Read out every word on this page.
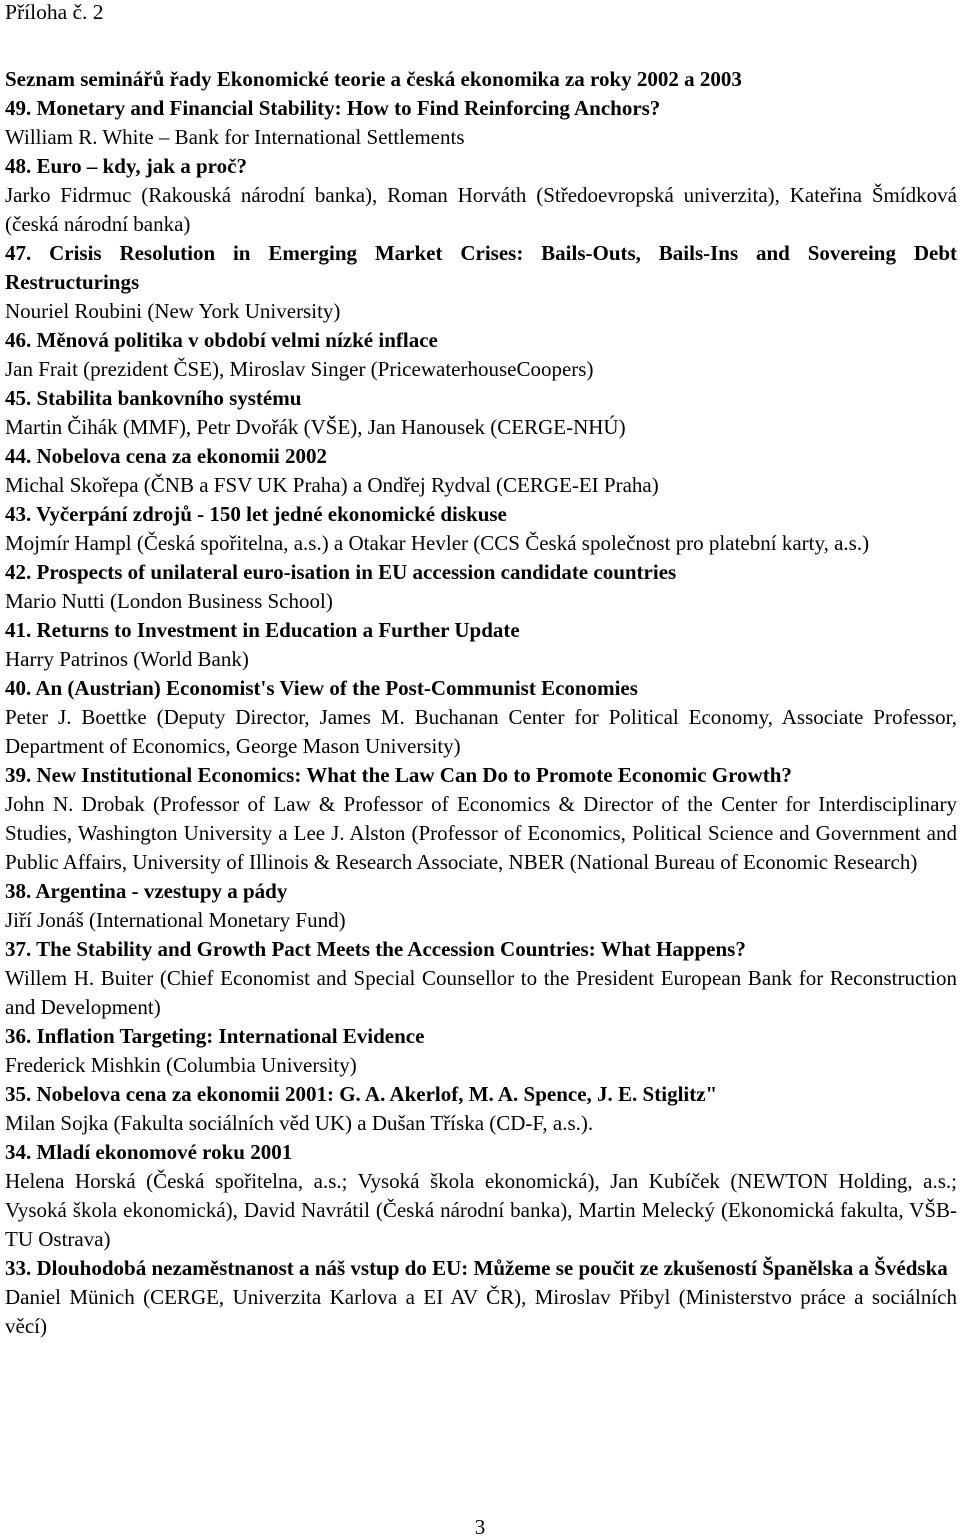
Příloha č. 2
Seznam seminářů řady Ekonomické teorie a česká ekonomika za roky 2002 a 2003
49. Monetary and Financial Stability: How to Find Reinforcing Anchors?
William R. White – Bank for International Settlements
48. Euro – kdy, jak a proč?
Jarko Fidrmuc (Rakouská národní banka), Roman Horváth (Středoevropská univerzita), Kateřina Šmídková (česká národní banka)
47. Crisis Resolution in Emerging Market Crises: Bails-Outs, Bails-Ins and Sovereing Debt Restructurings
Nouriel Roubini (New York University)
46. Měnová politika v období velmi nízké inflace
Jan Frait (prezident ČSE), Miroslav Singer (PricewaterhouseCoopers)
45. Stabilita bankovního systému
Martin Čihák (MMF), Petr Dvořák (VŠE), Jan Hanousek (CERGE-NHÚ)
44. Nobelova cena za ekonomii 2002
Michal Skořepa (ČNB a FSV UK Praha) a Ondřej Rydval (CERGE-EI Praha)
43. Vyčerpání zdrojů - 150 let jedné ekonomické diskuse
Mojmír Hampl (Česká spořitelna, a.s.) a Otakar Hevler (CCS Česká společnost pro platební karty, a.s.)
42. Prospects of unilateral euro-isation in EU accession candidate countries
Mario Nutti (London Business School)
41. Returns to Investment in Education a Further Update
Harry Patrinos (World Bank)
40. An (Austrian) Economist's View of the Post-Communist Economies
Peter J. Boettke (Deputy Director, James M. Buchanan Center for Political Economy, Associate Professor, Department of Economics, George Mason University)
39. New Institutional Economics: What the Law Can Do to Promote Economic Growth?
John N. Drobak (Professor of Law & Professor of Economics & Director of the Center for Interdisciplinary Studies, Washington University a Lee J. Alston (Professor of Economics, Political Science and Government and Public Affairs, University of Illinois & Research Associate, NBER (National Bureau of Economic Research)
38. Argentina - vzestupy a pády
Jiří Jonáš (International Monetary Fund)
37. The Stability and Growth Pact Meets the Accession Countries: What Happens?
Willem H. Buiter (Chief Economist and Special Counsellor to the President European Bank for Reconstruction and Development)
36. Inflation Targeting: International Evidence
Frederick Mishkin (Columbia University)
35. Nobelova cena za ekonomii 2001: G. A. Akerlof, M. A. Spence, J. E. Stiglitz"
Milan Sojka (Fakulta sociálních věd UK) a Dušan Tříska (CD-F, a.s.).
34. Mladí ekonomové roku 2001
Helena Horská (Česká spořitelna, a.s.; Vysoká škola ekonomická), Jan Kubíček (NEWTON Holding, a.s.; Vysoká škola ekonomická), David Navrátil (Česká národní banka), Martin Melecký (Ekonomická fakulta, VŠB-TU Ostrava)
33. Dlouhodobá nezaměstnanost a náš vstup do EU: Můžeme se poučit ze zkušeností Španělska a Švédska
Daniel Münich (CERGE, Univerzita Karlova a EI AV ČR), Miroslav Přibyl (Ministerstvo práce a sociálních věcí)
3
